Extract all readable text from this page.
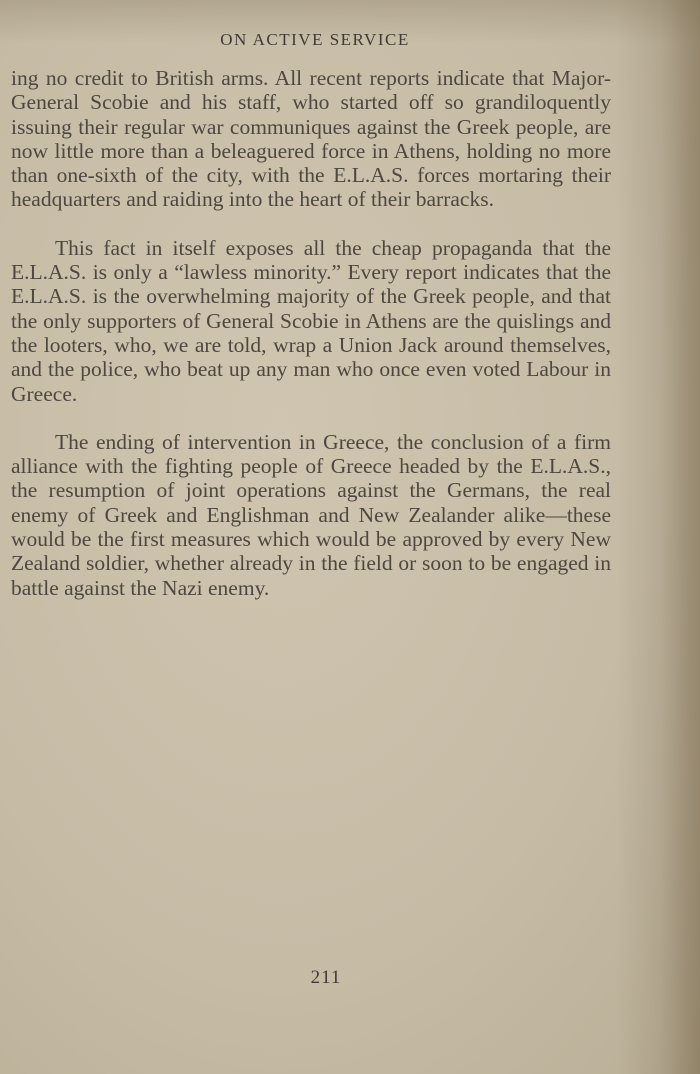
ON ACTIVE SERVICE

ing no credit to British arms. All recent reports indicate that Major-General Scobie and his staff, who started off so grandiloquently issuing their regular war communiques against the Greek people, are now little more than a beleaguered force in Athens, holding no more than one-sixth of the city, with the E.L.A.S. forces mortaring their headquarters and raiding into the heart of their barracks.

This fact in itself exposes all the cheap propaganda that the E.L.A.S. is only a “lawless minority.” Every report indicates that the E.L.A.S. is the overwhelming majority of the Greek people, and that the only supporters of General Scobie in Athens are the quislings and the looters, who, we are told, wrap a Union Jack around themselves, and the police, who beat up any man who once even voted Labour in Greece.

The ending of intervention in Greece, the conclusion of a firm alliance with the fighting people of Greece headed by the E.L.A.S., the resumption of joint operations against the Germans, the real enemy of Greek and Englishman and New Zealander alike—these would be the first measures which would be approved by every New Zealand soldier, whether already in the field or soon to be engaged in battle against the Nazi enemy.

211
